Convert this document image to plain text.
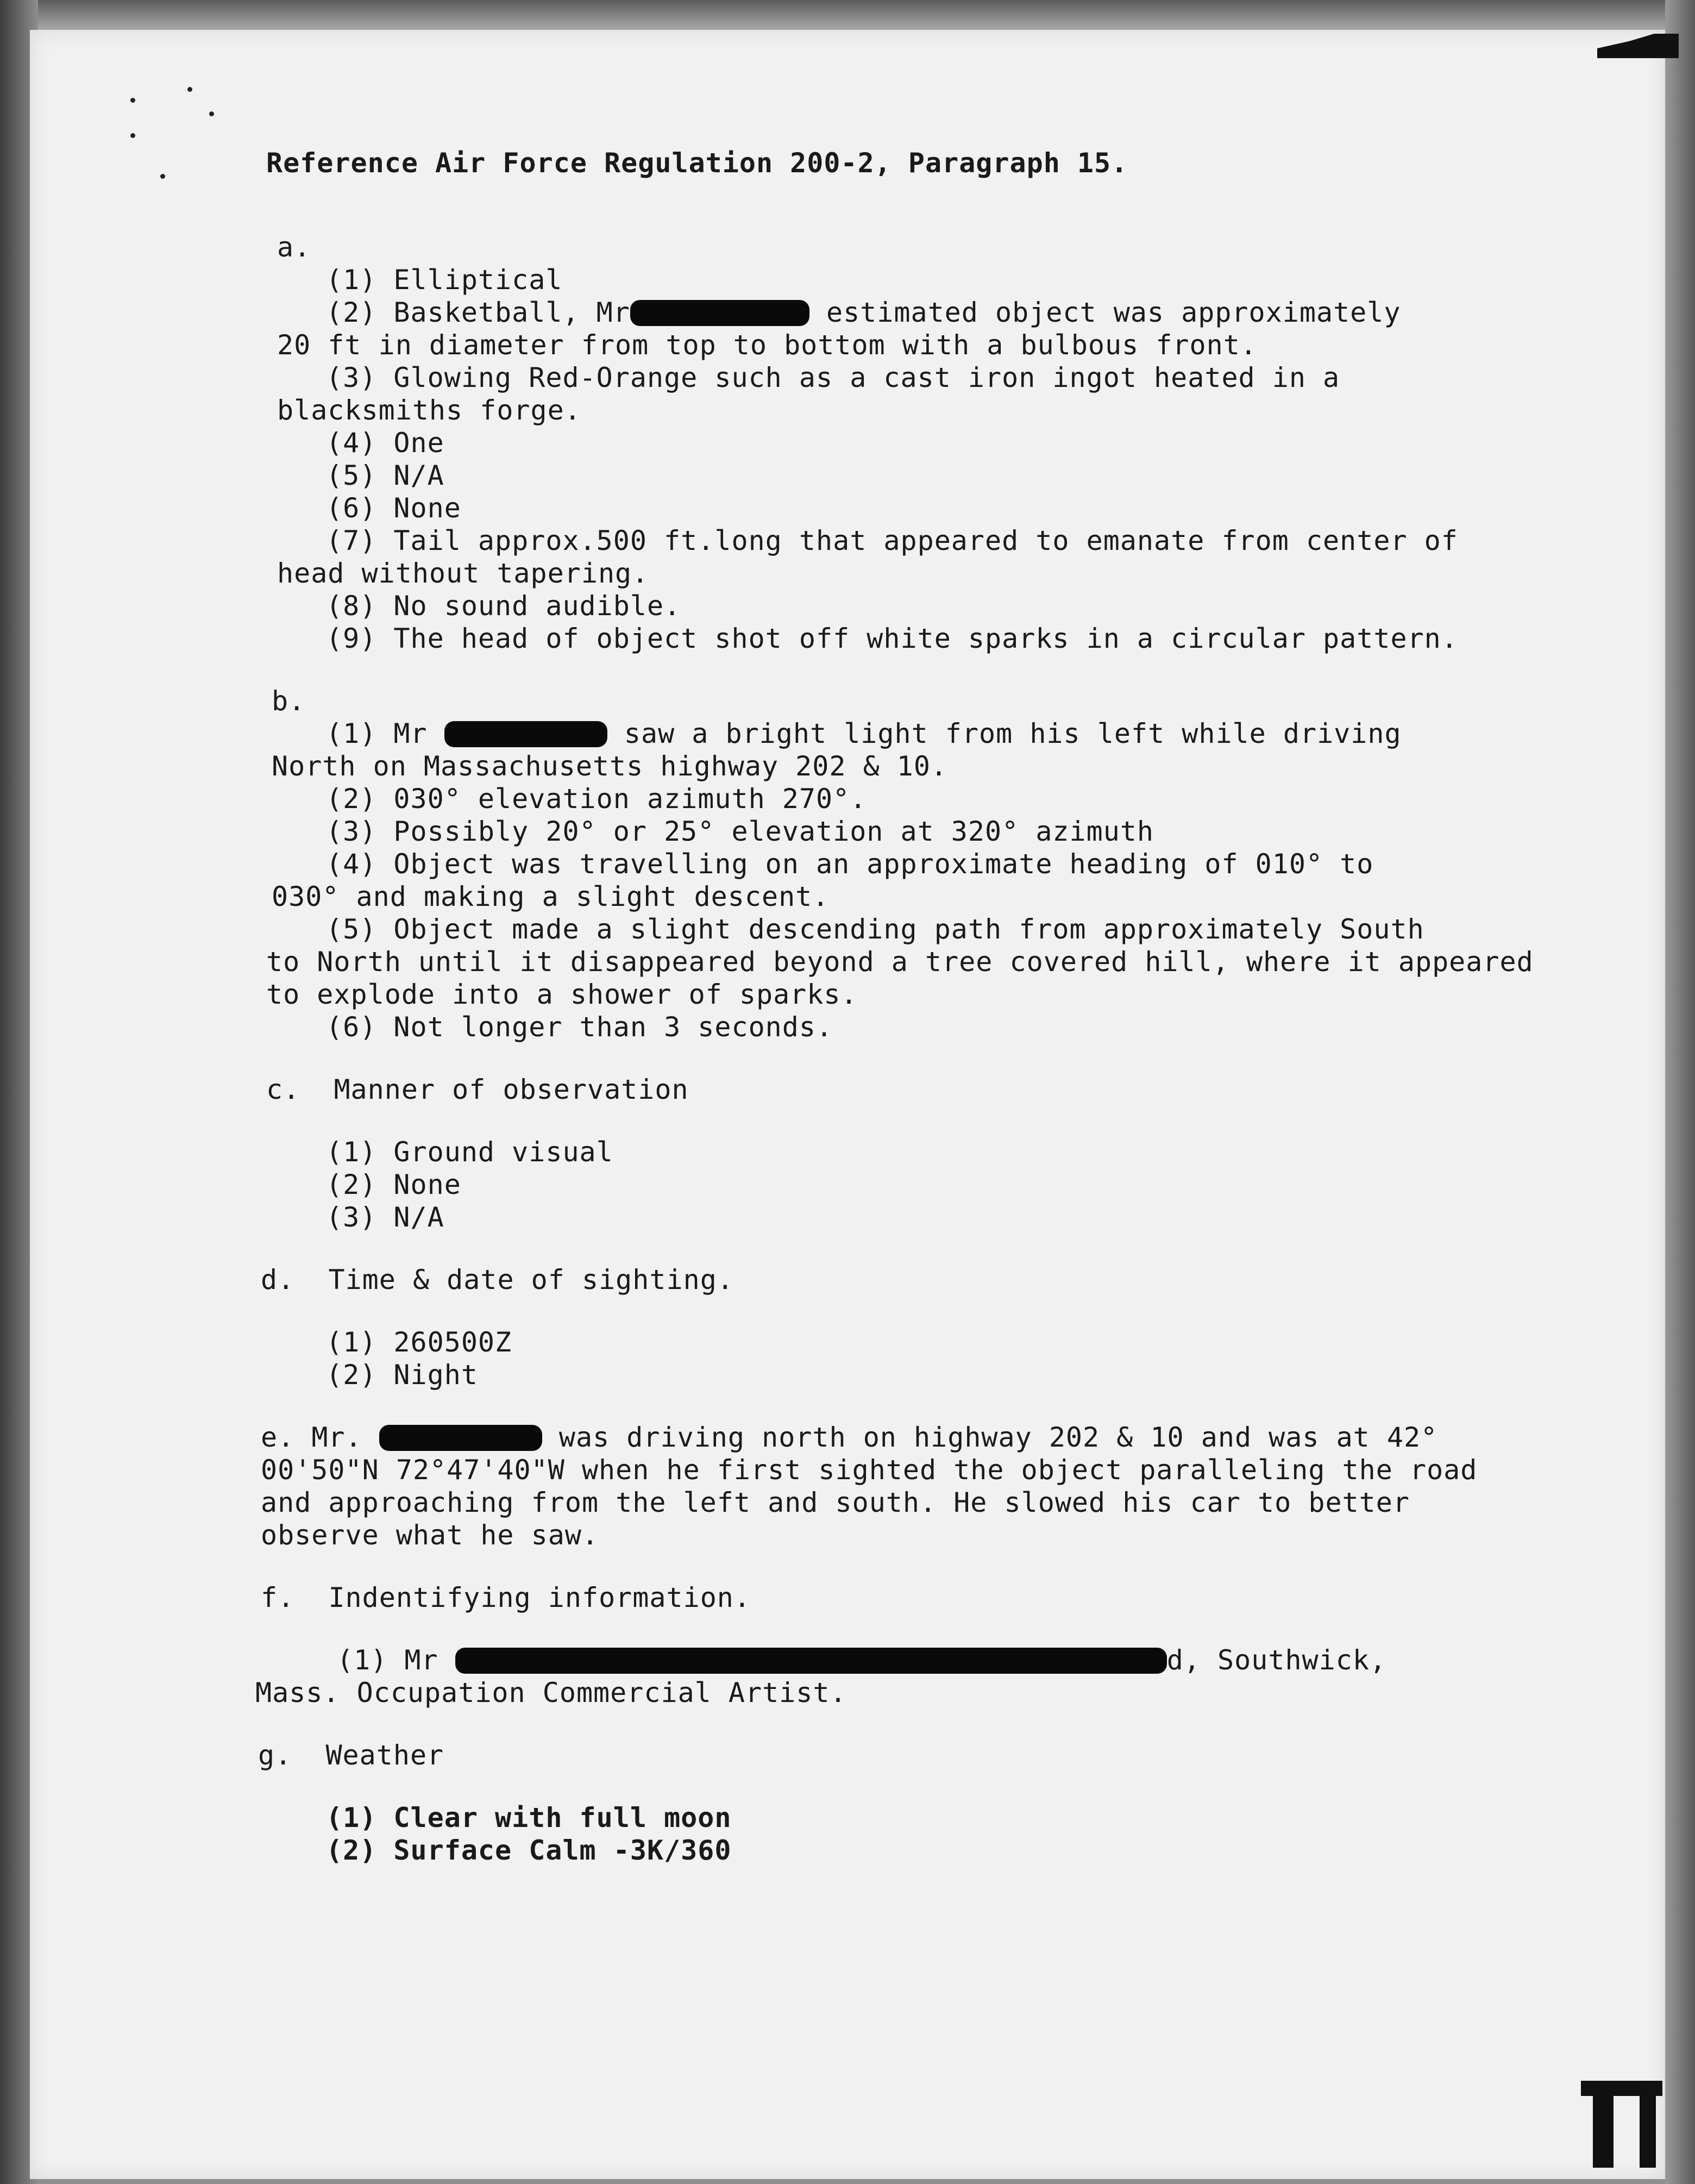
Reference Air Force Regulation 200-2, Paragraph 15.
a.
(1) Elliptical
(2) Basketball, Mr	estimated object was approximately
20 ft in diameter from top to bottom with a bulbous front.
(3) Glowing Red-Orange such as a cast iron ingot heated in a
blacksmiths forge.
(4) One
(5) N/A
(6) None
(7) Tail approx.500 ft.long that appeared to emanate from center of
head without tapering.
(8) No sound audible.
(9) The head of object shot off white sparks in a circular pattern.
b.
(1) Mr	saw a bright light from his left while driving
North on Massachusetts highway 202 & 10.
(2) 030° elevation azimuth 270°.
(3) Possibly 20° or 25° elevation at 320° azimuth
(4) Object was travelling on an approximate heading of 010° to
030° and making a slight descent.
(5) Object made a slight descending path from approximately South
to North until it disappeared beyond a tree covered hill, where it appeared
to explode into a shower of sparks.
(6) Not longer than 3 seconds.
c. Manner of observation
(1) Ground visual
(2) None
(3) N/A
d. Time & date of sighting.
(1) 260500Z
(2) Night
e. Mr.	was driving north on highway 202 & 10 and was at 42°
00'50"N 72°47'40"W when he first sighted the object paralleling the road
and approaching from the left and south. He slowed his car to better
observe what he saw.
f. Indentifying information.
(1) Mr	d, Southwick,
Mass. Occupation Commercial Artist.
g. Weather
(1) Clear with full moon
(2) Surface Calm -3K/360
